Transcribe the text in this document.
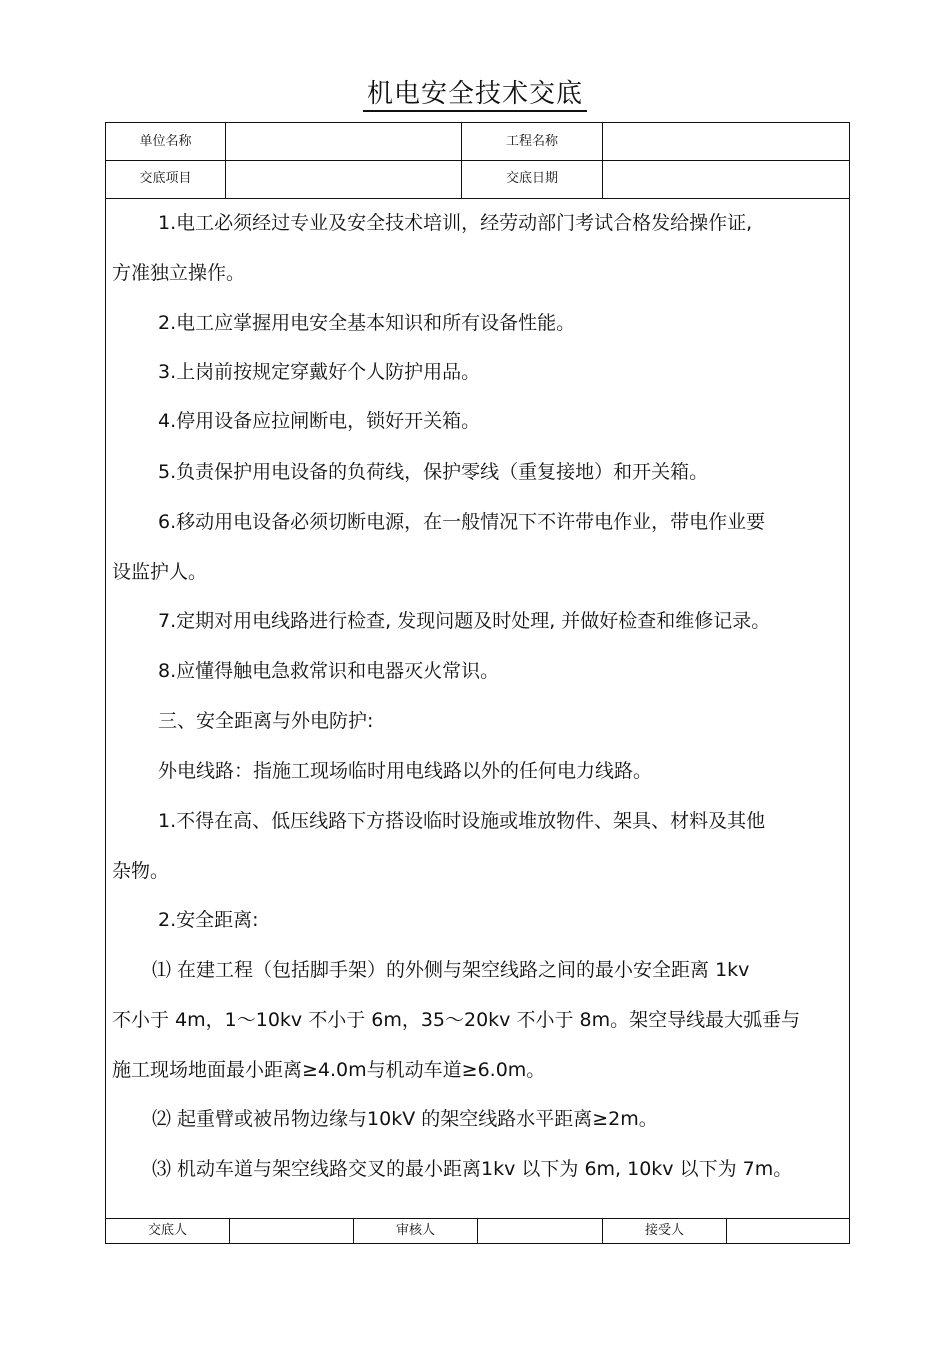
机电安全技术交底
单位名称	工程名称
交底项目	交底日期
1.电工必须经过专业及安全技术培训，经劳动部门考试合格发给操作证,
方准独立操作。
2.电工应掌握用电安全基本知识和所有设备性能。
3.上岗前按规定穿戴好个人防护用品。
4.停用设备应拉闸断电，锁好开关箱。
5.负责保护用电设备的负荷线，保护零线（重复接地）和开关箱。
6.移动用电设备必须切断电源，在一般情况下不许带电作业，带电作业要
设监护人。
7.定期对用电线路进行检查, 发现问题及时处理, 并做好检查和维修记录。
8.应懂得触电急救常识和电器灭火常识。
三、安全距离与外电防护:
外电线路：指施工现场临时用电线路以外的任何电力线路。
1.不得在高、低压线路下方搭设临时设施或堆放物件、架具、材料及其他
杂物。
2.安全距离:
⑴ 在建工程（包括脚手架）的外侧与架空线路之间的最小安全距离 1kv
不小于 4m，1～10kv 不小于 6m，35～20kv 不小于 8m。架空导线最大弧垂与
施工现场地面最小距离≥4.0m与机动车道≥6.0m。
⑵ 起重臂或被吊物边缘与10kV 的架空线路水平距离≥2m。
⑶ 机动车道与架空线路交叉的最小距离1kv 以下为 6m, 10kv 以下为 7m。
交底人	审核人	接受人
